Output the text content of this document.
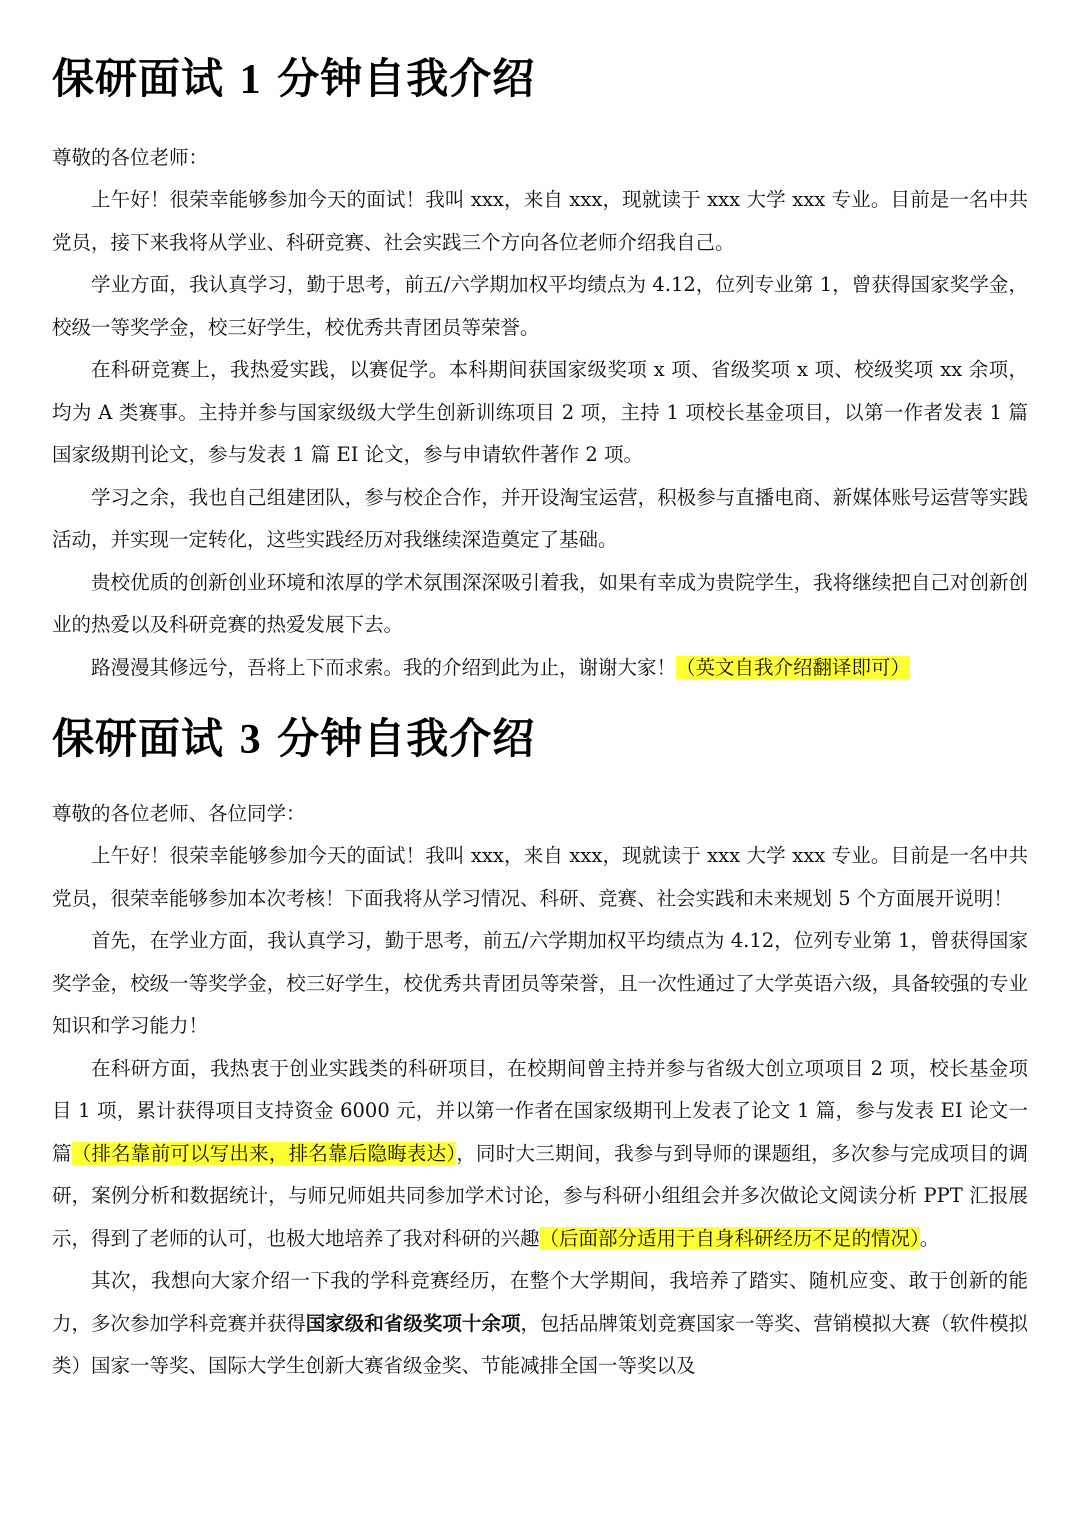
保研面试 1 分钟自我介绍

尊敬的各位老师：

上午好！很荣幸能够参加今天的面试！我叫 xxx，来自 xxx，现就读于 xxx 大学 xxx 专业。目前是一名中共党员，接下来我将从学业、科研竞赛、社会实践三个方向各位老师介绍我自己。

学业方面，我认真学习，勤于思考，前五/六学期加权平均绩点为 4.12，位列专业第 1，曾获得国家奖学金，校级一等奖学金，校三好学生，校优秀共青团员等荣誉。

在科研竞赛上，我热爱实践，以赛促学。本科期间获国家级奖项 x 项、省级奖项 x 项、校级奖项 xx 余项，均为 A 类赛事。主持并参与国家级级大学生创新训练项目 2 项，主持 1 项校长基金项目，以第一作者发表 1 篇国家级期刊论文，参与发表 1 篇 EI 论文，参与申请软件著作 2 项。

学习之余，我也自己组建团队，参与校企合作，并开设淘宝运营，积极参与直播电商、新媒体账号运营等实践活动，并实现一定转化，这些实践经历对我继续深造奠定了基础。

贵校优质的创新创业环境和浓厚的学术氛围深深吸引着我，如果有幸成为贵院学生，我将继续把自己对创新创业的热爱以及科研竞赛的热爱发展下去。

路漫漫其修远兮，吾将上下而求索。我的介绍到此为止，谢谢大家！（英文自我介绍翻译即可）

保研面试 3 分钟自我介绍

尊敬的各位老师、各位同学：

上午好！很荣幸能够参加今天的面试！我叫 xxx，来自 xxx，现就读于 xxx 大学 xxx 专业。目前是一名中共党员，很荣幸能够参加本次考核！下面我将从学习情况、科研、竞赛、社会实践和未来规划 5 个方面展开说明！

首先，在学业方面，我认真学习，勤于思考，前五/六学期加权平均绩点为 4.12，位列专业第 1，曾获得国家奖学金，校级一等奖学金，校三好学生，校优秀共青团员等荣誉，且一次性通过了大学英语六级，具备较强的专业知识和学习能力！

在科研方面，我热衷于创业实践类的科研项目，在校期间曾主持并参与省级大创立项项目 2 项，校长基金项目 1 项，累计获得项目支持资金 6000 元，并以第一作者在国家级期刊上发表了论文 1 篇，参与发表 EI 论文一篇（排名靠前可以写出来，排名靠后隐晦表达），同时大三期间，我参与到导师的课题组，多次参与完成项目的调研，案例分析和数据统计，与师兄师姐共同参加学术讨论，参与科研小组组会并多次做论文阅读分析 PPT 汇报展示，得到了老师的认可，也极大地培养了我对科研的兴趣（后面部分适用于自身科研经历不足的情况）。

其次，我想向大家介绍一下我的学科竞赛经历，在整个大学期间，我培养了踏实、随机应变、敢于创新的能力，多次参加学科竞赛并获得国家级和省级奖项十余项，包括品牌策划竞赛国家一等奖、营销模拟大赛（软件模拟类）国家一等奖、国际大学生创新大赛省级金奖、节能减排全国一等奖以及
